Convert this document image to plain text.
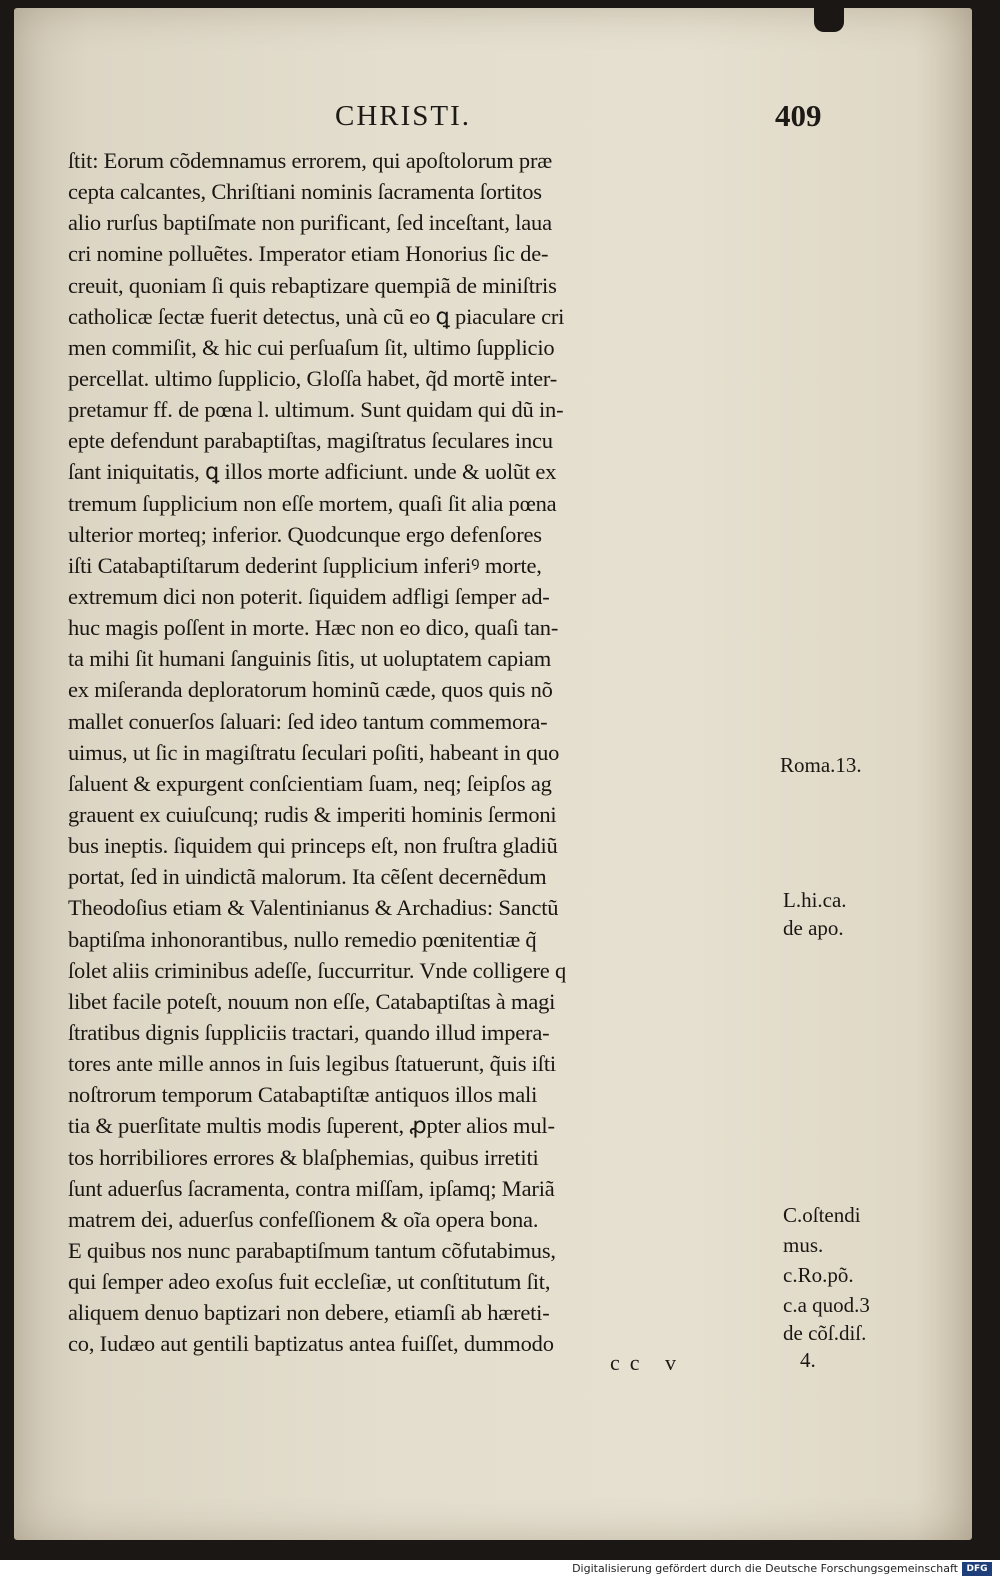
CHRISTI.	409
ſtit: Eorum cõdemnamus errorem, qui apoſtolorum præ
cepta calcantes, Chriſtiani nominis ſacramenta ſortitos
alio rurſus baptiſmate non purificant, ſed inceſtant, laua
cri nomine polluẽtes. Imperator etiam Honorius ſic de-
creuit, quoniam ſi quis rebaptizare quempiã de miniſtris
catholicæ ſectæ fuerit detectus, unà cũ eo ꝗ piaculare cri
men commiſit, & hic cui perſuaſum ſit, ultimo ſupplicio
percellat. ultimo ſupplicio, Gloſſa habet, q̃d mortẽ inter-
pretamur ff. de pœna l. ultimum. Sunt quidam qui dũ in-
epte defendunt parabaptiſtas, magiſtratus ſeculares incu
ſant iniquitatis, ꝗ illos morte adficiunt. unde & uolũt ex
tremum ſupplicium non eſſe mortem, quaſi ſit alia pœna
ulterior morteq; inferior. Quodcunque ergo defenſores
iſti Catabaptiſtarum dederint ſupplicium inferiꝰ morte,
extremum dici non poterit. ſiquidem adfligi ſemper ad-
huc magis poſſent in morte. Hæc non eo dico, quaſi tan-
ta mihi ſit humani ſanguinis ſitis, ut uoluptatem capiam
ex miſeranda deploratorum hominũ cæde, quos quis nõ
mallet conuerſos ſaluari: ſed ideo tantum commemora-
uimus, ut ſic in magiſtratu ſeculari poſiti, habeant in quo
ſaluent & expurgent conſcientiam ſuam, neq; ſeipſos ag
grauent ex cuiuſcunq; rudis & imperiti hominis ſermoni
bus ineptis. ſiquidem qui princeps eſt, non fruſtra gladiũ
portat, ſed in uindictã malorum. Ita cẽſent decernẽdum
Theodoſius etiam & Valentinianus & Archadius: Sanctũ
baptiſma inhonorantibus, nullo remedio pœnitentiæ q̃
ſolet aliis criminibus adeſſe, ſuccurritur. Vnde colligere q
libet facile poteſt, nouum non eſſe, Catabaptiſtas à magi
ſtratibus dignis ſuppliciis tractari, quando illud impera-
tores ante mille annos in ſuis legibus ſtatuerunt, q̃uis iſti
noſtrorum temporum Catabaptiſtæ antiquos illos mali
tia & puerſitate multis modis ſuperent, ꝓpter alios mul-
tos horribiliores errores & blaſphemias, quibus irretiti
ſunt aduerſus ſacramenta, contra miſſam, ipſamq; Mariã
matrem dei, aduerſus confeſſionem & oĩa opera bona.
E quibus nos nunc parabaptiſmum tantum cõfutabimus,
qui ſemper adeo exoſus fuit eccleſiæ, ut conſtitutum ſit,
aliquem denuo baptizari non debere, etiamſi ab hæreti-
co, Iudæo aut gentili baptizatus antea fuiſſet, dummodo
Roma.13.
L.hi.ca.
de apo.
C.oſtendi
mus.
c.Ro.põ.
c.a quod.3
de cõſ.diſ.
4.
cc v
Digitalisierung gefördert durch die Deutsche Forschungsgemeinschaft DFG
